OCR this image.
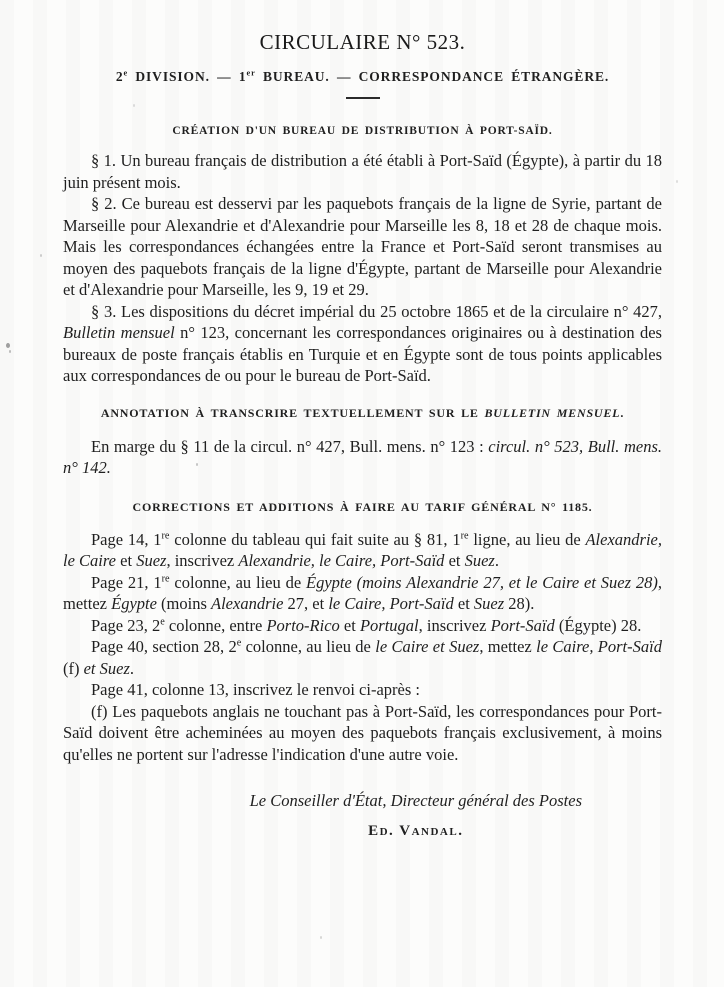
CIRCULAIRE N° 523.
2e DIVISION. — 1er BUREAU. — CORRESPONDANCE ÉTRANGÈRE.
CRÉATION D'UN BUREAU DE DISTRIBUTION À PORT-SAÏD.

§ 1. Un bureau français de distribution a été établi à Port-Saïd (Égypte), à partir du 18 juin présent mois.

§ 2. Ce bureau est desservi par les paquebots français de la ligne de Syrie, partant de Marseille pour Alexandrie et d'Alexandrie pour Marseille les 8, 18 et 28 de chaque mois. Mais les correspondances échangées entre la France et Port-Saïd seront transmises au moyen des paquebots français de la ligne d'Égypte, partant de Marseille pour Alexandrie et d'Alexandrie pour Marseille, les 9, 19 et 29.

§ 3. Les dispositions du décret impérial du 25 octobre 1865 et de la circulaire n° 427, Bulletin mensuel n° 123, concernant les correspondances originaires ou à destination des bureaux de poste français établis en Turquie et en Égypte sont de tous points applicables aux correspondances de ou pour le bureau de Port-Saïd.

ANNOTATION À TRANSCRIRE TEXTUELLEMENT SUR LE BULLETIN MENSUEL.

En marge du § 11 de la circul. n° 427, Bull. mens. n° 123 : circul. n° 523, Bull. mens. n° 142.

CORRECTIONS ET ADDITIONS À FAIRE AU TARIF GÉNÉRAL N° 1185.

Page 14, 1re colonne du tableau qui fait suite au § 81, 1re ligne, au lieu de Alexandrie, le Caire et Suez, inscrivez Alexandrie, le Caire, Port-Saïd et Suez.

Page 21, 1re colonne, au lieu de Égypte (moins Alexandrie 27, et le Caire et Suez 28), mettez Égypte (moins Alexandrie 27, et le Caire, Port-Saïd et Suez 28).

Page 23, 2e colonne, entre Porto-Rico et Portugal, inscrivez Port-Saïd (Égypte) 28.

Page 40, section 28, 2e colonne, au lieu de le Caire et Suez, mettez le Caire, Port-Saïd (f) et Suez.

Page 41, colonne 13, inscrivez le renvoi ci-après :

(f) Les paquebots anglais ne touchant pas à Port-Saïd, les correspondances pour Port-Saïd doivent être acheminées au moyen des paquebots français exclusivement, à moins qu'elles ne portent sur l'adresse l'indication d'une autre voie.

Le Conseiller d'État, Directeur général des Postes
Ed. Vandal.
